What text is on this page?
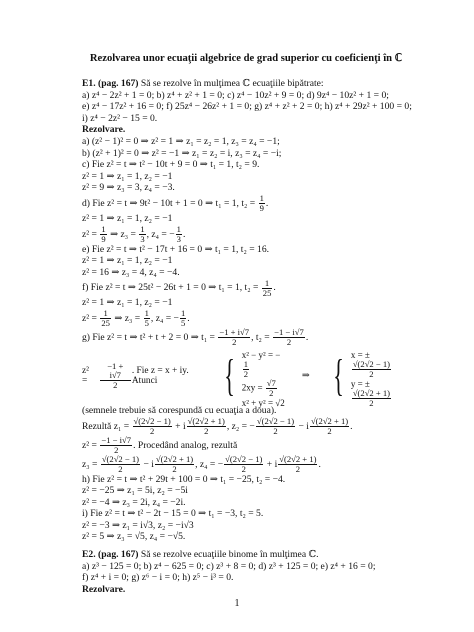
Rezolvarea unor ecuaţii algebrice de grad superior cu coeficienţi în ℂ
E1. (pag. 167) Să se rezolve în mulţimea ℂ ecuaţiile bipătrate:
a) z⁴ − 2z² + 1 = 0; b) z⁴ + z² + 1 = 0; c) z⁴ − 10z² + 9 = 0; d) 9z⁴ − 10z² + 1 = 0;
e) z⁴ − 17z² + 16 = 0; f) 25z⁴ − 26z² + 1 = 0; g) z⁴ + z² + 2 = 0; h) z⁴ + 29z² + 100 = 0;
i) z⁴ − 2z² − 15 = 0.
Rezolvare.
a) (z² − 1)² = 0 ⇒ z² = 1 ⇒ z₁ = z₂ = 1, z₃ = z₄ = −1;
b) (z² + 1)² = 0 ⇒ z² = −1 ⇒ z₁ = z₂ = i, z₃ = z₄ = −i;
c) Fie z² = t ⇒ t² − 10t + 9 = 0 ⇒ t₁ = 1, t₂ = 9.
z² = 1 ⇒ z₁ = 1, z₂ = −1
z² = 9 ⇒ z₃ = 3, z₄ = −3.
d) Fie z² = t ⇒ 9t² − 10t + 1 = 0 ⇒ t₁ = 1, $t_2 = \frac{1}{9}$ .
z² = 1 ⇒ z₁ = 1, z₂ = −1
$z^2 = \frac{1}{9}$ ⇒ $z_3 = \frac{1}{3}$ , z₄ = − $\frac{1}{3}$ .
e) Fie z² = t ⇒ t² − 17t + 16 = 0 ⇒ t₁ = 1, t₂ = 16.
z² = 1 ⇒ z₁ = 1, z₂ = −1
z² = 16 ⇒ z₃ = 4, z₄ = −4.
f) Fie z² = t ⇒ 25t² − 26t + 1 = 0 ⇒ t₁ = 1, $t_2 = \frac{1}{25}$ .
z² = 1 ⇒ z₁ = 1, z₂ = −1
$z^2 = \frac{1}{25}$ ⇒ $z_3 = \frac{1}{5}$ , z₄ = − $\frac{1}{5}$ .
g) Fie z² = t ⇒ t² + t + 2 = 0 ⇒ $t_1 = \frac{-1 + i√7}{2}$ , $t_2 = \frac{-1 - i√7}{2}$ .
z² =
	$\frac{-1 + i√7}{2}$ . Fie z = x + iy. Atunci	{ x² − y² = −
$\frac{1}{2}$
$2xy = \frac{√7}{2}$
x² + y² = √2
⇒ { x = ±
$\frac{√(2√2 - 1)}{2}$
y = ±
$\frac{√(2√2 + 1)}{2}$
(semnele trebuie să corespundă cu ecuaţia a doua).
Rezultă $z_1 = \frac{√(2√2 - 1)}{2} + i \frac{√(2√2 + 1)}{2}$ , z₂ = − $\frac{√(2√2 - 1)}{2} - i \frac{√(2√2 + 1)}{2}$ .
$z^2 = \frac{-1 - i√7}{2}$ . Procedând analog, rezultă
$z_3 = \frac{√(2√2 - 1)}{2} - i \frac{√(2√2 + 1)}{2}$ , z₄ = − $\frac{√(2√2 - 1)}{2} + i \frac{√(2√2 + 1)}{2}$ .
h) Fie z² = t ⇒ t² + 29t + 100 = 0 ⇒ t₁ = −25, t₂ = −4.
z² = −25 ⇒ z₁ = 5i, z₂ = −5i
z² = −4 ⇒ z₃ = 2i, z₄ = −2i.
i) Fie z² = t ⇒ t² − 2t − 15 = 0 ⇒ t₁ = −3, t₂ = 5.
z² = −3 ⇒ z₁ = i√3, z₂ = −i√3
z² = 5 ⇒ z₃ = √5, z₄ = −√5.
E2. (pag. 167) Să se rezolve ecuaţiile binome în mulţimea ℂ.
a) z³ − 125 = 0; b) z⁴ − 625 = 0; c) z³ + 8 = 0; d) z³ + 125 = 0; e) z⁴ + 16 = 0;
f) z⁴ + i = 0; g) z⁶ − i = 0; h) z⁵ − i³ = 0.
Rezolvare.
1
